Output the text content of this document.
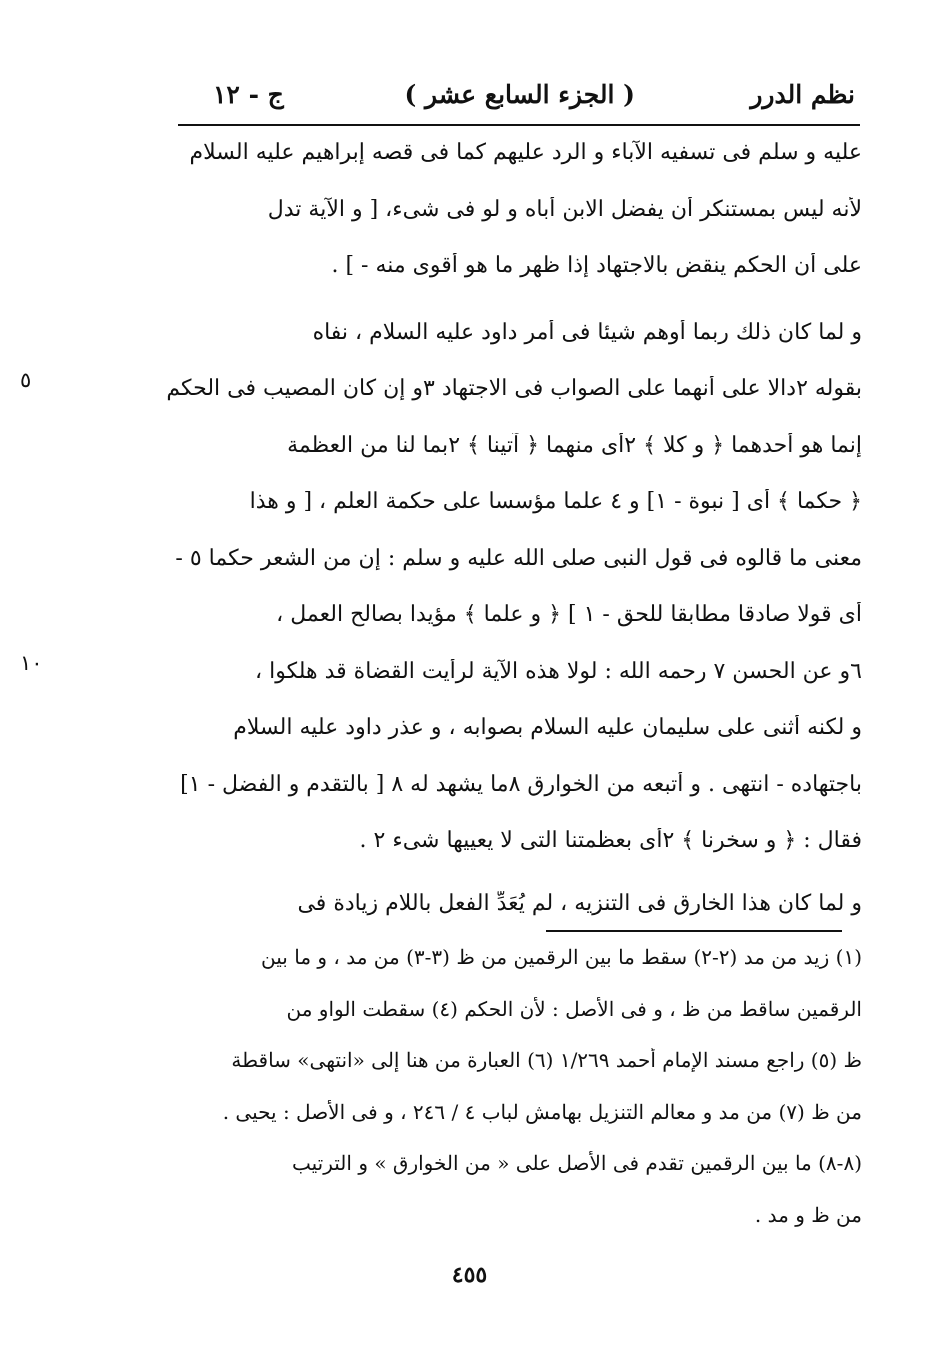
نظم الدرر
( الجزء السابع عشر )
ج - ١٢
عليه و سلم فى تسفيه الآباء و الرد عليهم كما فى قصه إبراهيم عليه السلام
لأنه ليس بمستنكر أن يفضل الابن أباه و لو فى شىء، [ و الآية تدل
على أن الحكم ينقض بالاجتهاد إذا ظهر ما هو أقوى منه - ] .
و لما كان ذلك ربما أوهم شيئا فى أمر داود عليه السلام ، نفاه
بقوله ٢دالا على أنهما على الصواب فى الاجتهاد ٣و إن كان المصيب فى الحكم
إنما هو أحدهما ﴿ و كلا ﴾ ٢أى منهما ﴿ آتينا ﴾ ٢بما لنا من العظمة
﴿ حكما ﴾ أى [ نبوة - ١] و ٤ علما مؤسسا على حكمة العلم ، [ و هذا
معنى ما قالوه فى قول النبى صلى الله عليه و سلم : إن من الشعر حكما ٥ -
أى قولا صادقا مطابقا للحق - ١ ] ﴿ و علما ﴾ مؤيدا بصالح العمل ،
٦و عن الحسن ٧ رحمه الله : لولا هذه الآية لرأيت القضاة قد هلكوا ،
و لكنه أثنى على سليمان عليه السلام بصوابه ، و عذر داود عليه السلام
باجتهاده - انتهى . و أتبعه من الخوارق ٨ما يشهد له ٨ [ بالتقدم و الفضل - ١]
فقال : ﴿ و سخرنا ﴾ ٢أى بعظمتنا التى لا يعييها شىء ٢ .
و لما كان هذا الخارق فى التنزيه ، لم يُعَدِّ الفعل باللام زيادة فى
٥
١٠
(١) زيد من مد (٢-٢) سقط ما بين الرقمين من ظ (٣-٣) من مد ، و ما بين
الرقمين ساقط من ظ ، و فى الأصل : لأن الحكم (٤) سقطت الواو من
ظ (٥) راجع مسند الإمام أحمد ١/٢٦٩ (٦) العبارة من هنا إلى «انتهى» ساقطة
من ظ (٧) من مد و معالم التنزيل بهامش لباب ٤ / ٢٤٦ ، و فى الأصل : يحيى .
(٨-٨) ما بين الرقمين تقدم فى الأصل على « من الخوارق » و الترتيب
من ظ و مد .
٤٥٥
